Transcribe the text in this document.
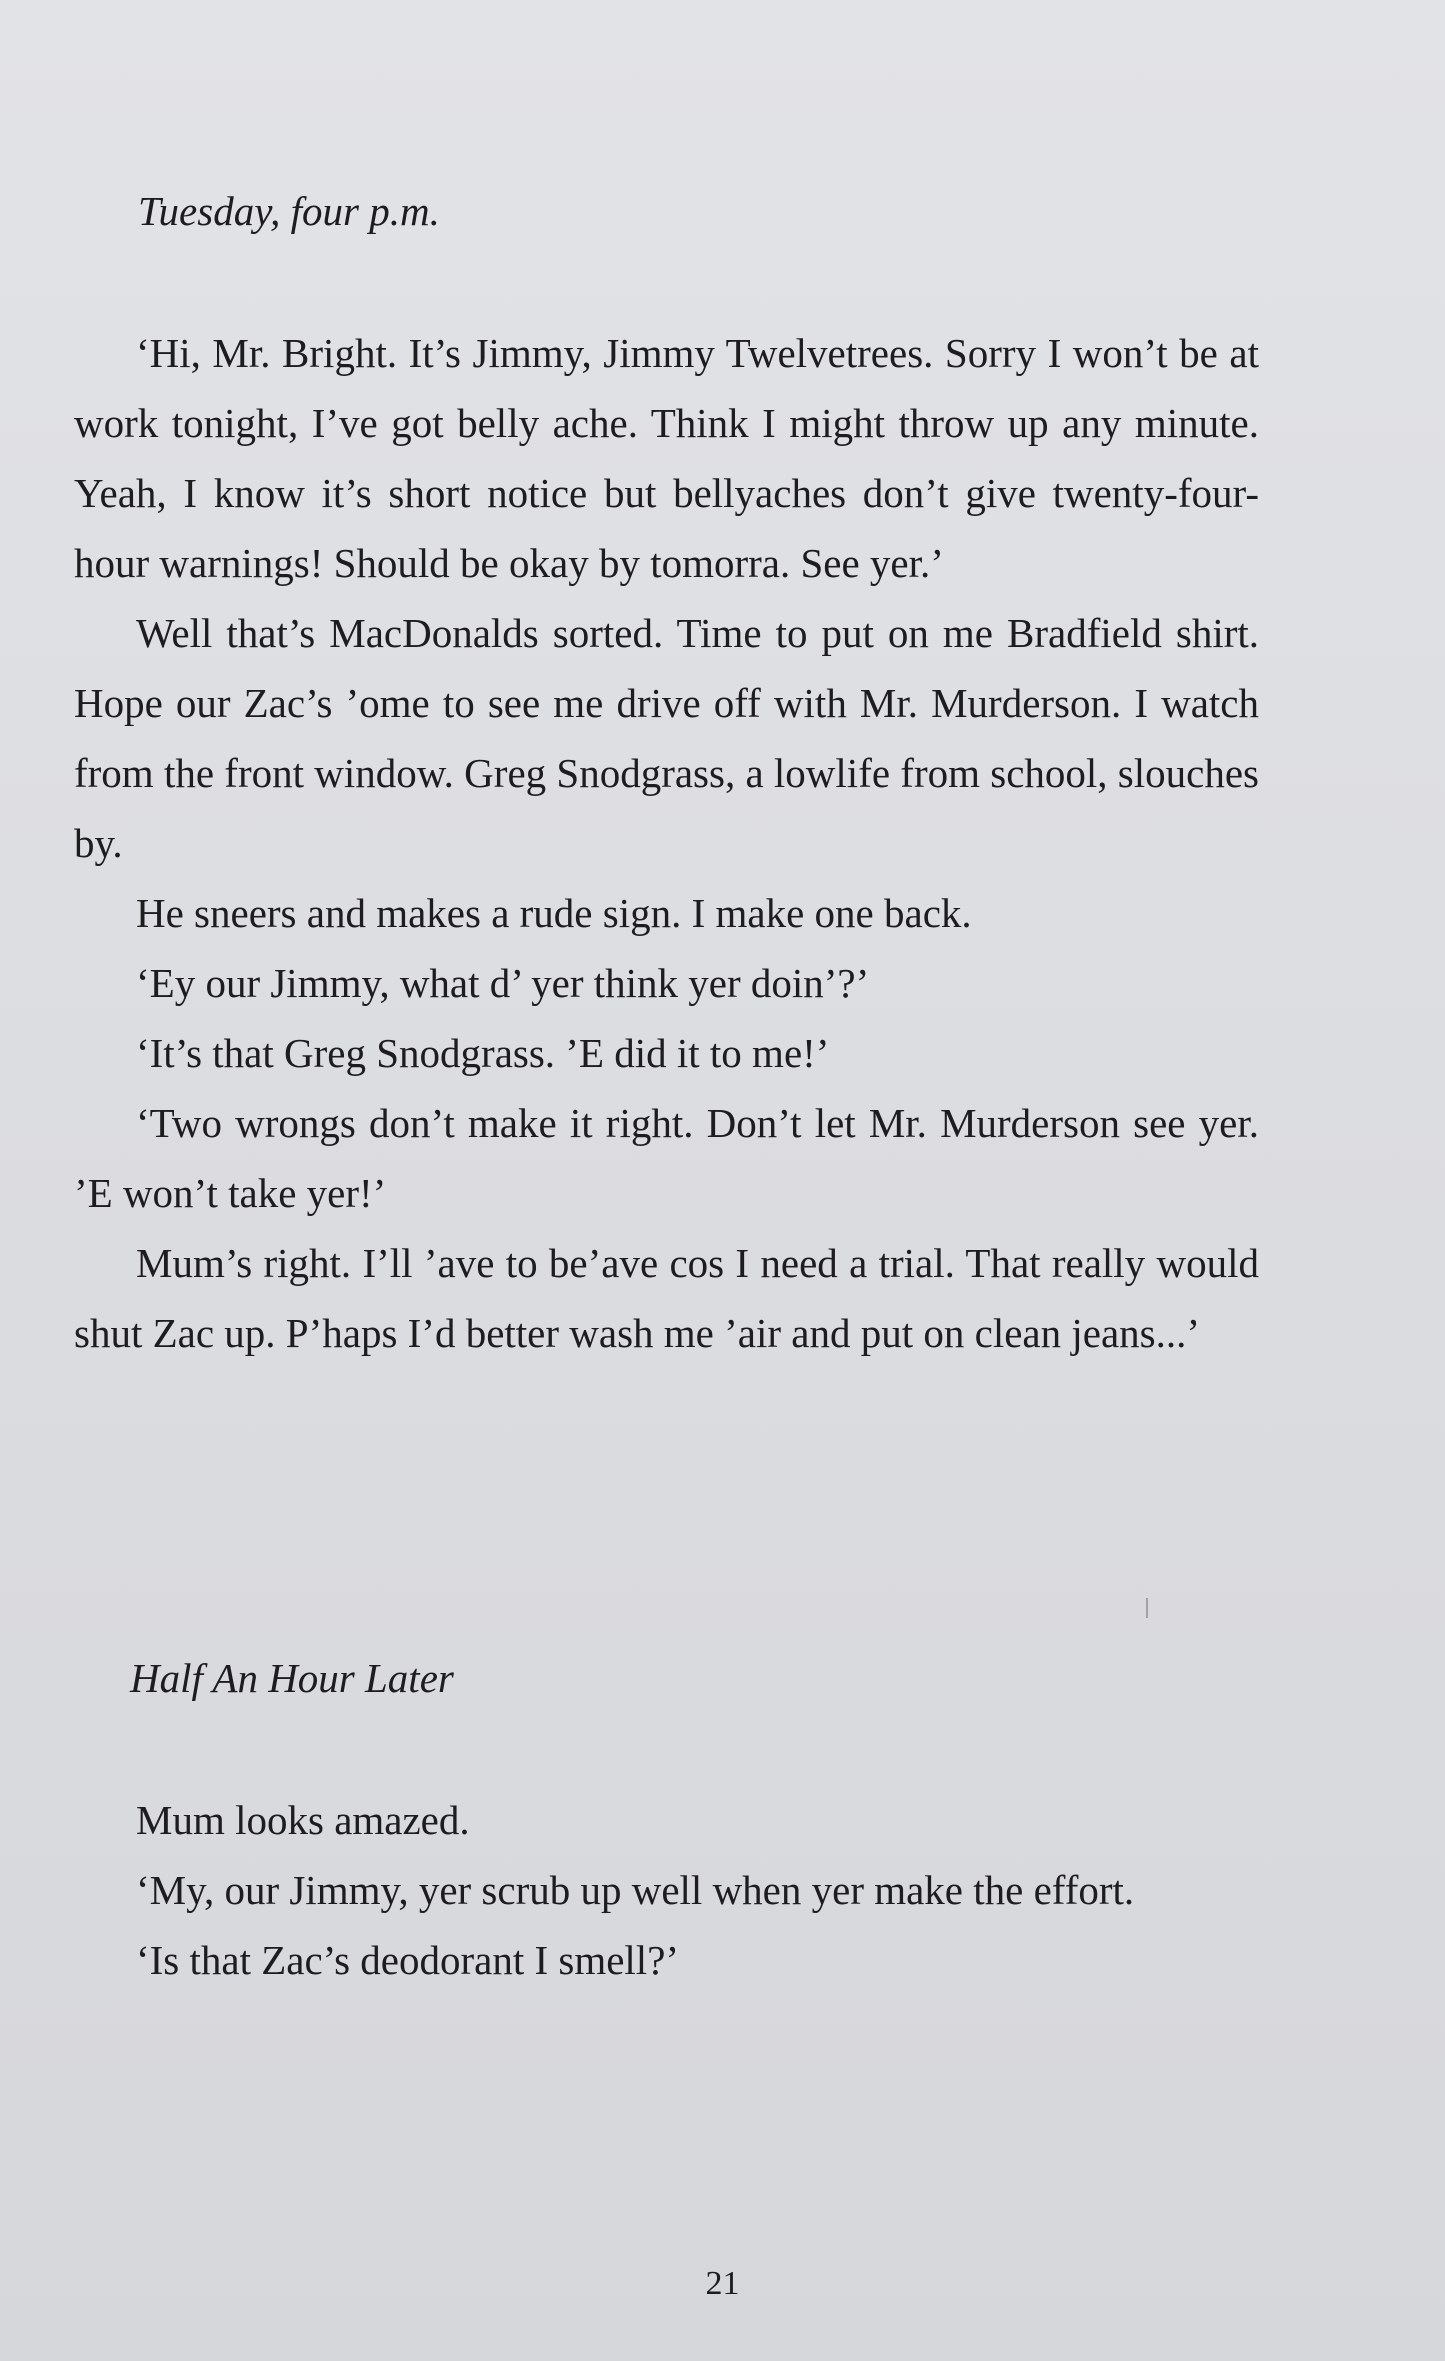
Tuesday, four p.m.

‘Hi, Mr. Bright. It’s Jimmy, Jimmy Twelvetrees. Sorry I won’t be at work tonight, I’ve got belly ache. Think I might throw up any minute. Yeah, I know it’s short notice but bellyaches don’t give twenty-four-hour warnings! Should be okay by tomorra. See yer.’

Well that’s MacDonalds sorted. Time to put on me Bradfield shirt. Hope our Zac’s ’ome to see me drive off with Mr. Murderson. I watch from the front window. Greg Snodgrass, a lowlife from school, slouches by.

He sneers and makes a rude sign. I make one back.

‘Ey our Jimmy, what d’ yer think yer doin’?’

‘It’s that Greg Snodgrass. ’E did it to me!’

‘Two wrongs don’t make it right. Don’t let Mr. Murderson see yer. ’E won’t take yer!’

Mum’s right. I’ll ’ave to be’ave cos I need a trial. That really would shut Zac up. P’haps I’d better wash me ’air and put on clean jeans...’

Half An Hour Later

Mum looks amazed.

‘My, our Jimmy, yer scrub up well when yer make the effort.

‘Is that Zac’s deodorant I smell?’

21
